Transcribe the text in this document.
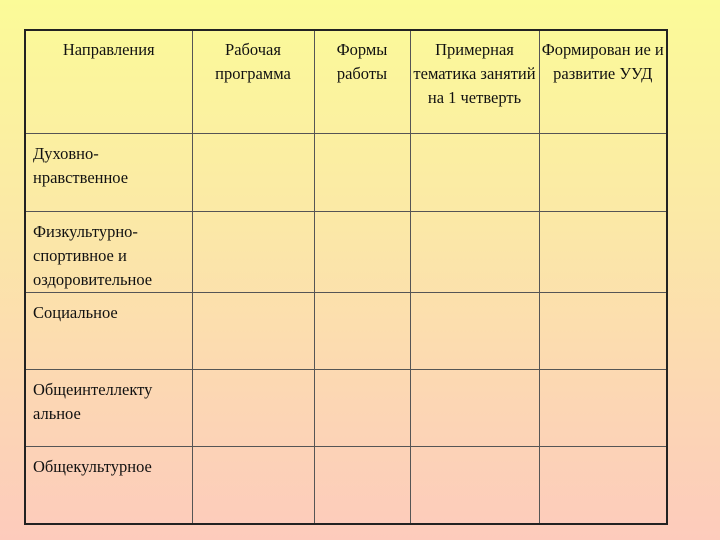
Направления	Рабочая программа	Формы работы	Примерная тематика занятий на 1 четверть	Формирован ие и развитие УУД
Духовно-нравственное				
Физкультурно-спортивное и оздоровительное				
Социальное				
Общеинтеллекту альное				
Общекультурное				
